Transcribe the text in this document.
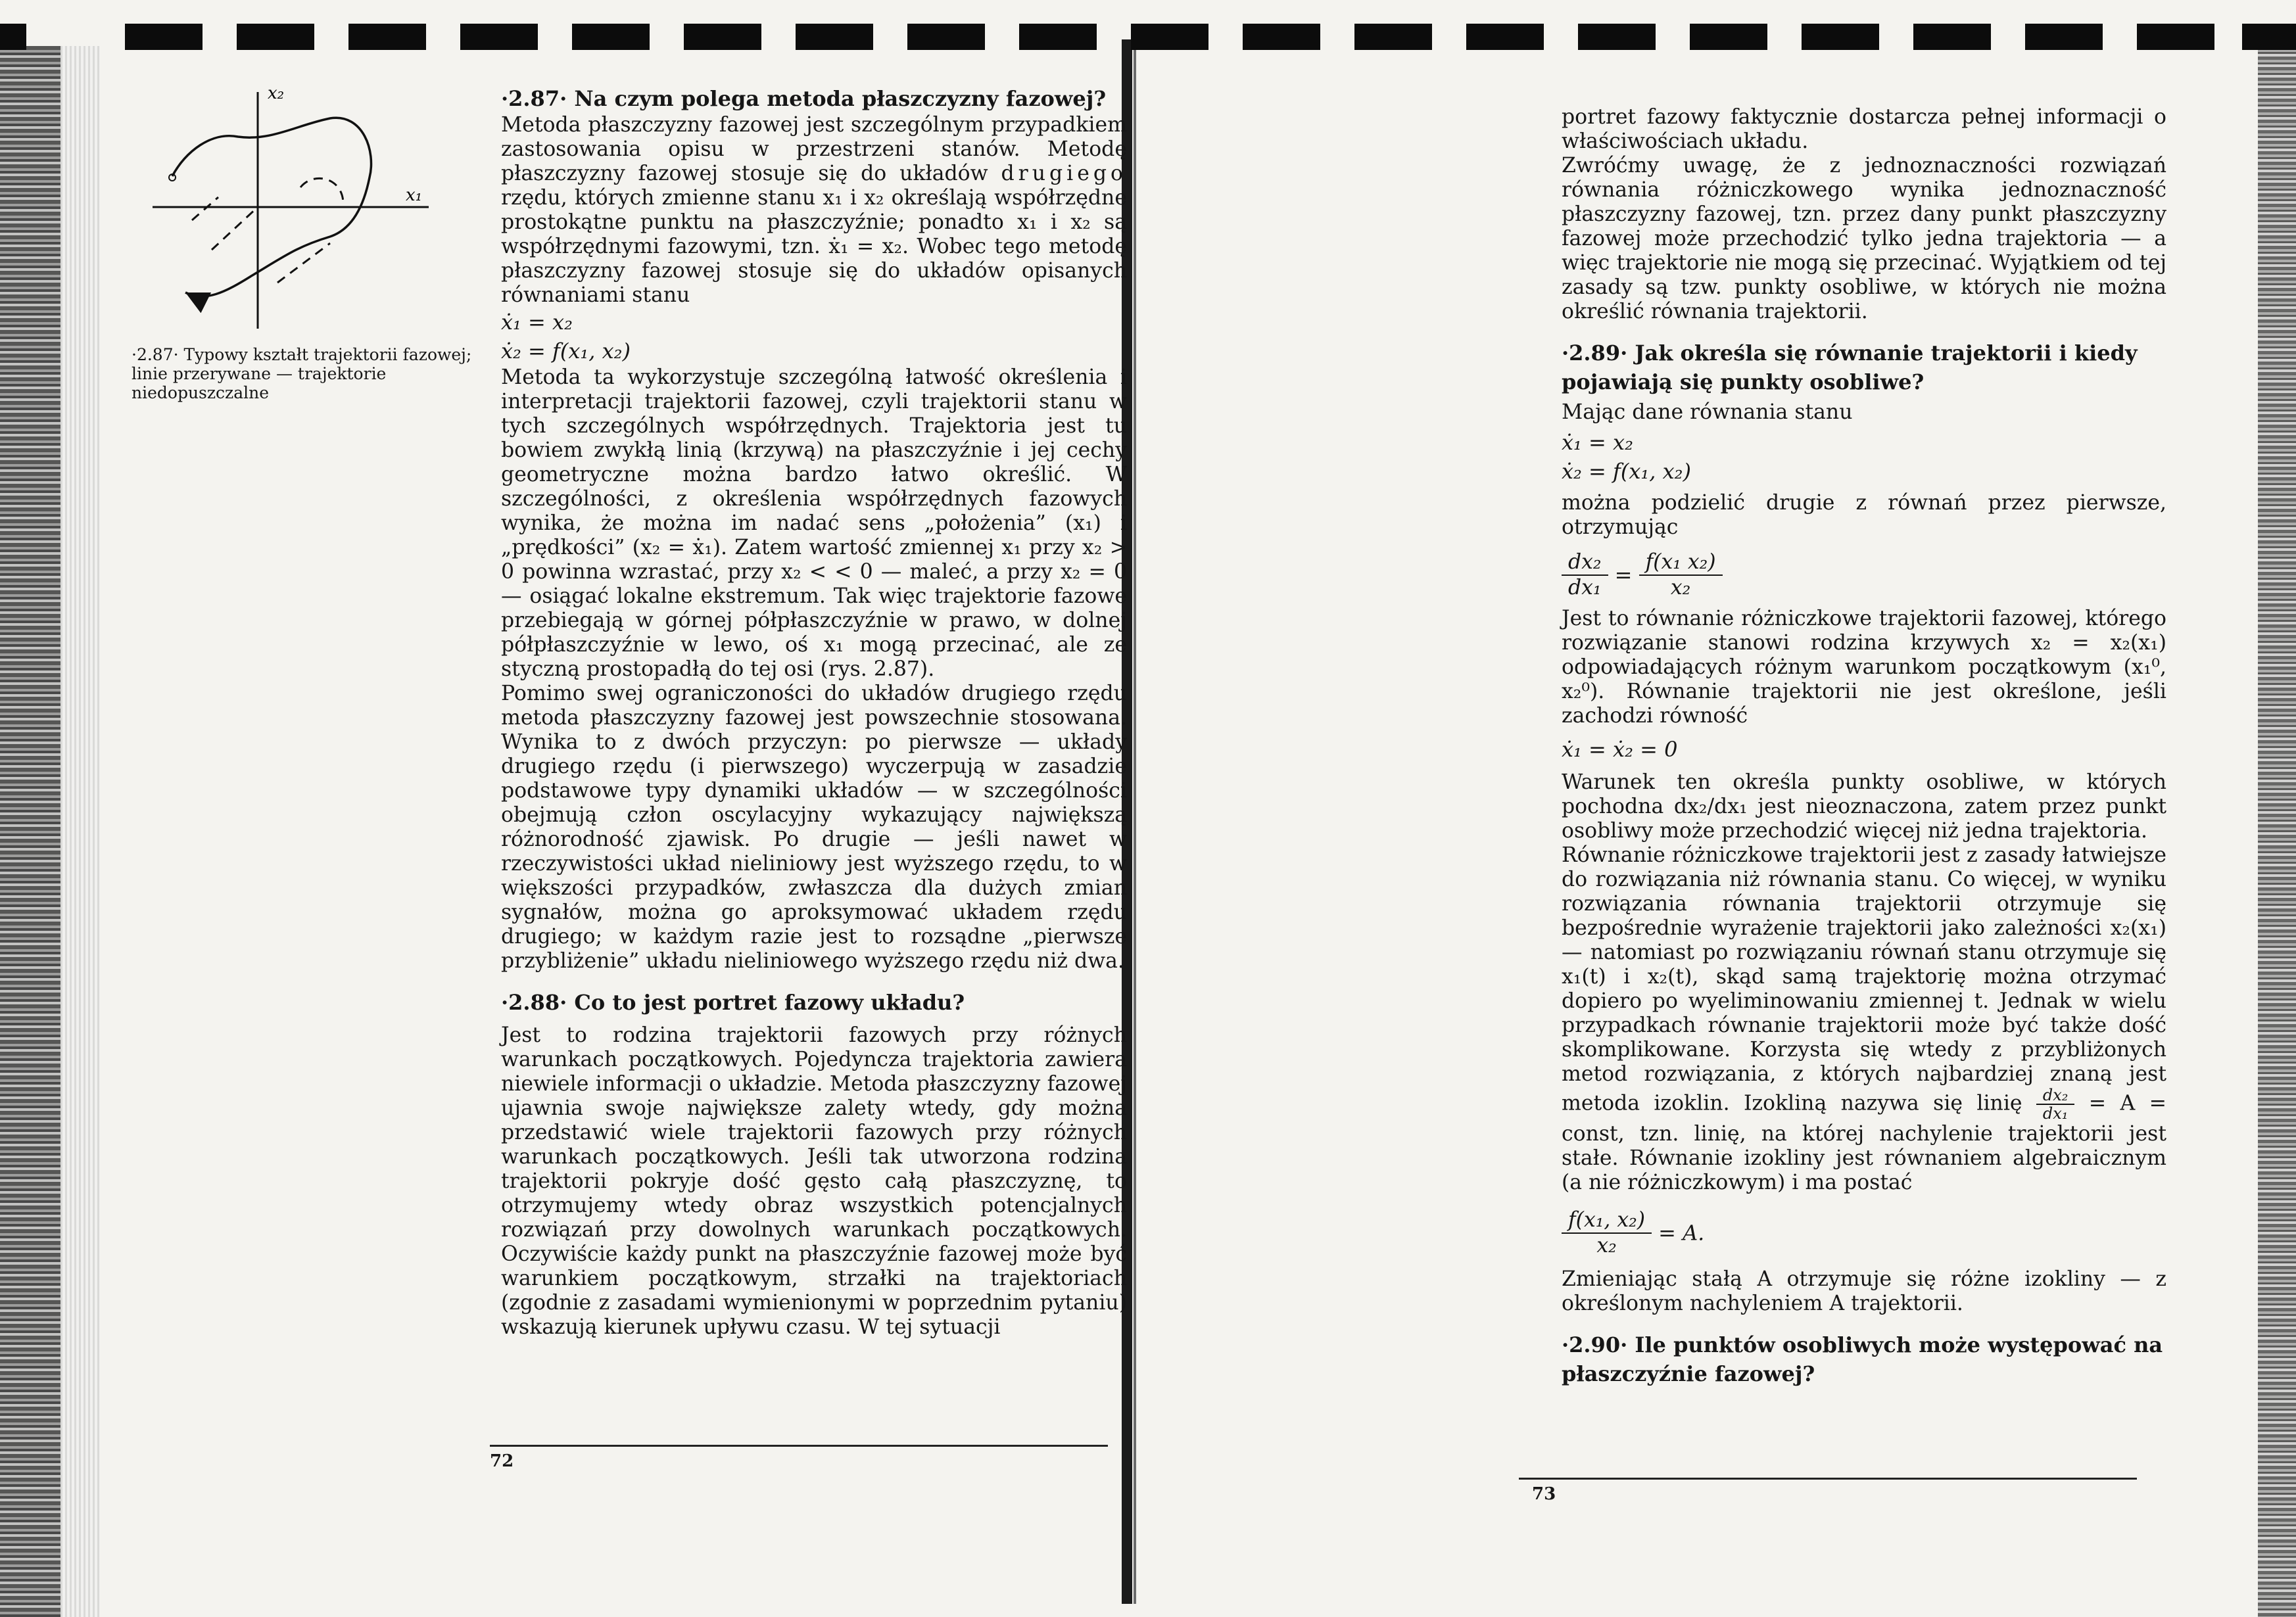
x₂
x₁
·2.87· Typowy kształt trajektorii fazowej; linie przerywane — trajektorie niedopuszczalne

·2.87· Na czym polega metoda płaszczyzny fazowej?

Metoda płaszczyzny fazowej jest szczególnym przypadkiem zastosowania opisu w przestrzeni stanów. Metodę płaszczyzny fazowej stosuje się do układów drugiego rzędu, których zmienne stanu x₁ i x₂ określają współrzędne prostokątne punktu na płaszczyźnie; ponadto x₁ i x₂ są współrzędnymi fazowymi, tzn. ẋ₁ = x₂. Wobec tego metodę płaszczyzny fazowej stosuje się do układów opisanych równaniami stanu

ẋ₁ = x₂

ẋ₂ = f(x₁, x₂)

Metoda ta wykorzystuje szczególną łatwość określenia i interpretacji trajektorii fazowej, czyli trajektorii stanu w tych szczególnych współrzędnych. Trajektoria jest tu bowiem zwykłą linią (krzywą) na płaszczyźnie i jej cechy geometryczne można bardzo łatwo określić. W szczególności, z określenia współrzędnych fazowych wynika, że można im nadać sens „położenia” (x₁) i „prędkości” (x₂ = ẋ₁). Zatem wartość zmiennej x₁ przy x₂ > 0 powinna wzrastać, przy x₂ < < 0 — maleć, a przy x₂ = 0 — osiągać lokalne ekstremum. Tak więc trajektorie fazowe przebiegają w górnej półpłaszczyźnie w prawo, w dolnej półpłaszczyźnie w lewo, oś x₁ mogą przecinać, ale ze styczną prostopadłą do tej osi (rys. 2.87).

Pomimo swej ograniczoności do układów drugiego rzędu metoda płaszczyzny fazowej jest powszechnie stosowana. Wynika to z dwóch przyczyn: po pierwsze — układy drugiego rzędu (i pierwszego) wyczerpują w zasadzie podstawowe typy dynamiki układów — w szczególności obejmują człon oscylacyjny wykazujący największą różnorodność zjawisk. Po drugie — jeśli nawet w rzeczywistości układ nieliniowy jest wyższego rzędu, to w większości przypadków, zwłaszcza dla dużych zmian sygnałów, można go aproksymować układem rzędu drugiego; w każdym razie jest to rozsądne „pierwsze przybliżenie” układu nieliniowego wyższego rzędu niż dwa.

·2.88· Co to jest portret fazowy układu?

Jest to rodzina trajektorii fazowych przy różnych warunkach początkowych. Pojedyncza trajektoria zawiera niewiele informacji o układzie. Metoda płaszczyzny fazowej ujawnia swoje największe zalety wtedy, gdy można przedstawić wiele trajektorii fazowych przy różnych warunkach początkowych. Jeśli tak utworzona rodzina trajektorii pokryje dość gęsto całą płaszczyznę, to otrzymujemy wtedy obraz wszystkich potencjalnych rozwiązań przy dowolnych warunkach początkowych. Oczywiście każdy punkt na płaszczyźnie fazowej może być warunkiem początkowym, strzałki na trajektoriach (zgodnie z zasadami wymienionymi w poprzednim pytaniu) wskazują kierunek upływu czasu. W tej sytuacji

72

portret fazowy faktycznie dostarcza pełnej informacji o właściwościach układu.

Zwróćmy uwagę, że z jednoznaczności rozwiązań równania różniczkowego wynika jednoznaczność płaszczyzny fazowej, tzn. przez dany punkt płaszczyzny fazowej może przechodzić tylko jedna trajektoria — a więc trajektorie nie mogą się przecinać. Wyjątkiem od tej zasady są tzw. punkty osobliwe, w których nie można określić równania trajektorii.

·2.89· Jak określa się równanie trajektorii i kiedy

pojawiają się punkty osobliwe?

Mając dane równania stanu

ẋ₁ = x₂

ẋ₂ = f(x₁, x₂)

można podzielić drugie z równań przez pierwsze, otrzymując

$\frac{\text{dx₂}}{\text{dx₁}} = \frac{\text{f(x₁ x₂)}}{\text{x₂}}$

Jest to równanie różniczkowe trajektorii fazowej, którego rozwiązanie stanowi rodzina krzywych x₂ = x₂(x₁) odpowiadających różnym warunkom początkowym (x₁⁰, x₂⁰). Równanie trajektorii nie jest określone, jeśli zachodzi równość

ẋ₁ = ẋ₂ = 0

Warunek ten określa punkty osobliwe, w których pochodna dx₂/dx₁ jest nieoznaczona, zatem przez punkt osobliwy może przechodzić więcej niż jedna trajektoria.

Równanie różniczkowe trajektorii jest z zasady łatwiejsze do rozwiązania niż równania stanu. Co więcej, w wyniku rozwiązania równania trajektorii otrzymuje się bezpośrednie wyrażenie trajektorii jako zależności x₂(x₁) — natomiast po rozwiązaniu równań stanu otrzymuje się x₁(t) i x₂(t), skąd samą trajektorię można otrzymać dopiero po wyeliminowaniu zmiennej t. Jednak w wielu przypadkach równanie trajektorii może być także dość skomplikowane. Korzysta się wtedy z przybliżonych metod rozwiązania, z których najbardziej znaną jest metoda izoklin. Izokliną nazywa się linię $\frac{\text{dx₂}}{\text{dx₁}} = A$ = const, tzn. linię, na której nachylenie trajektorii jest stałe. Równanie izokliny jest równaniem algebraicznym (a nie różniczkowym) i ma postać

$\frac{\text{f(x₁, x₂)}}{\text{x₂}} = A$.

Zmieniając stałą A otrzymuje się różne izokliny — z określonym nachyleniem A trajektorii.

·2.90· Ile punktów osobliwych może występować na

płaszczyźnie fazowej?

73
